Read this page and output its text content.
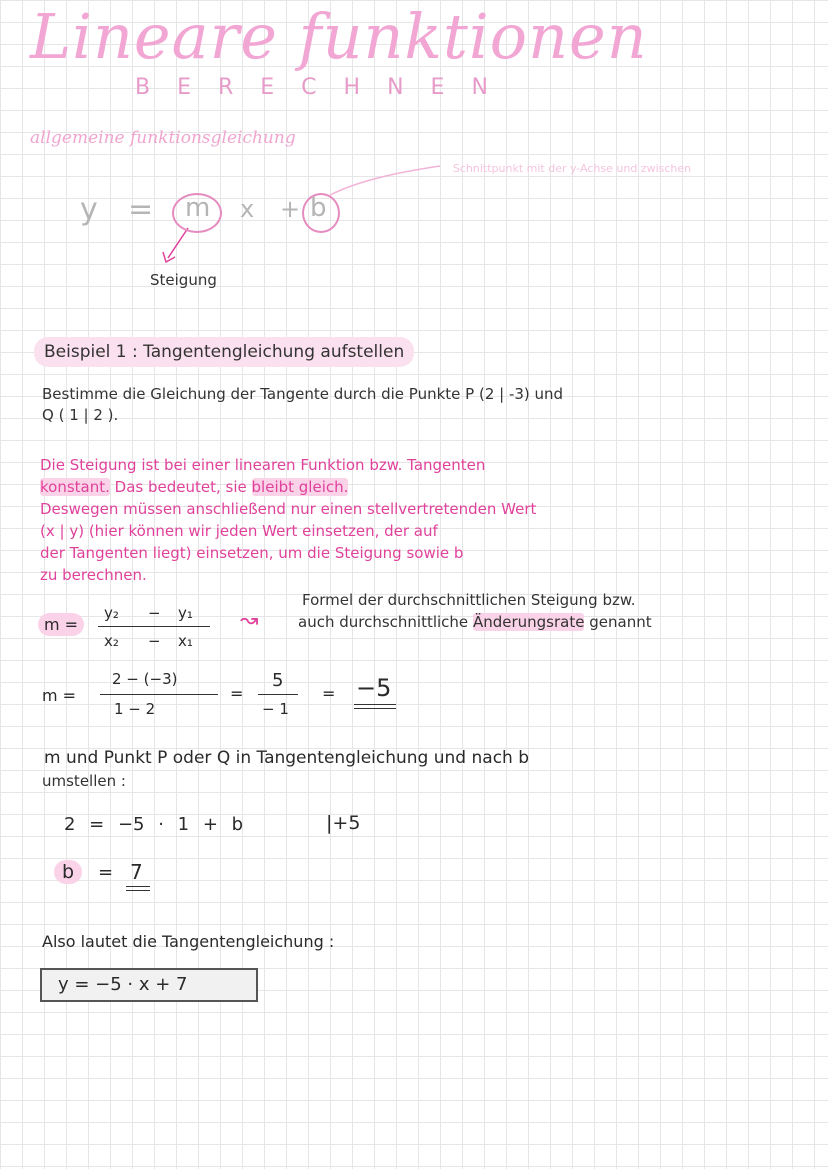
Lineare funktionen
BERECHNEN
allgemeine funktionsgleichung
Schnittpunkt mit der y-Achse und zwischen
y = m x + b
Steigung
Beispiel 1 : Tangentengleichung aufstellen
Bestimme die Gleichung der Tangente durch die Punkte P (2 | -3) und
Q ( 1 | 2 ).
Die Steigung ist bei einer linearen Funktion bzw. Tangenten
konstant. Das bedeutet, sie bleibt gleich.
Deswegen müssen anschließend nur einen stellvertretenden Wert
(x | y) (hier können wir jeden Wert einsetzen, der auf
der Tangenten liegt) einsetzen, um die Steigung sowie b
zu berechnen.
m =
y₂ − y₁
x₂ − x₁
↝
Formel der durchschnittlichen Steigung bzw.
auch durchschnittliche Änderungsrate genannt
m =
2 − (−3)
1 − 2
=
5
− 1
= −5
m und Punkt P oder Q in Tangentengleichung und nach b
umstellen :
2 = −5 · 1 + b	|+5
b	= 7
Also lautet die Tangentengleichung :
y = −5 · x + 7
